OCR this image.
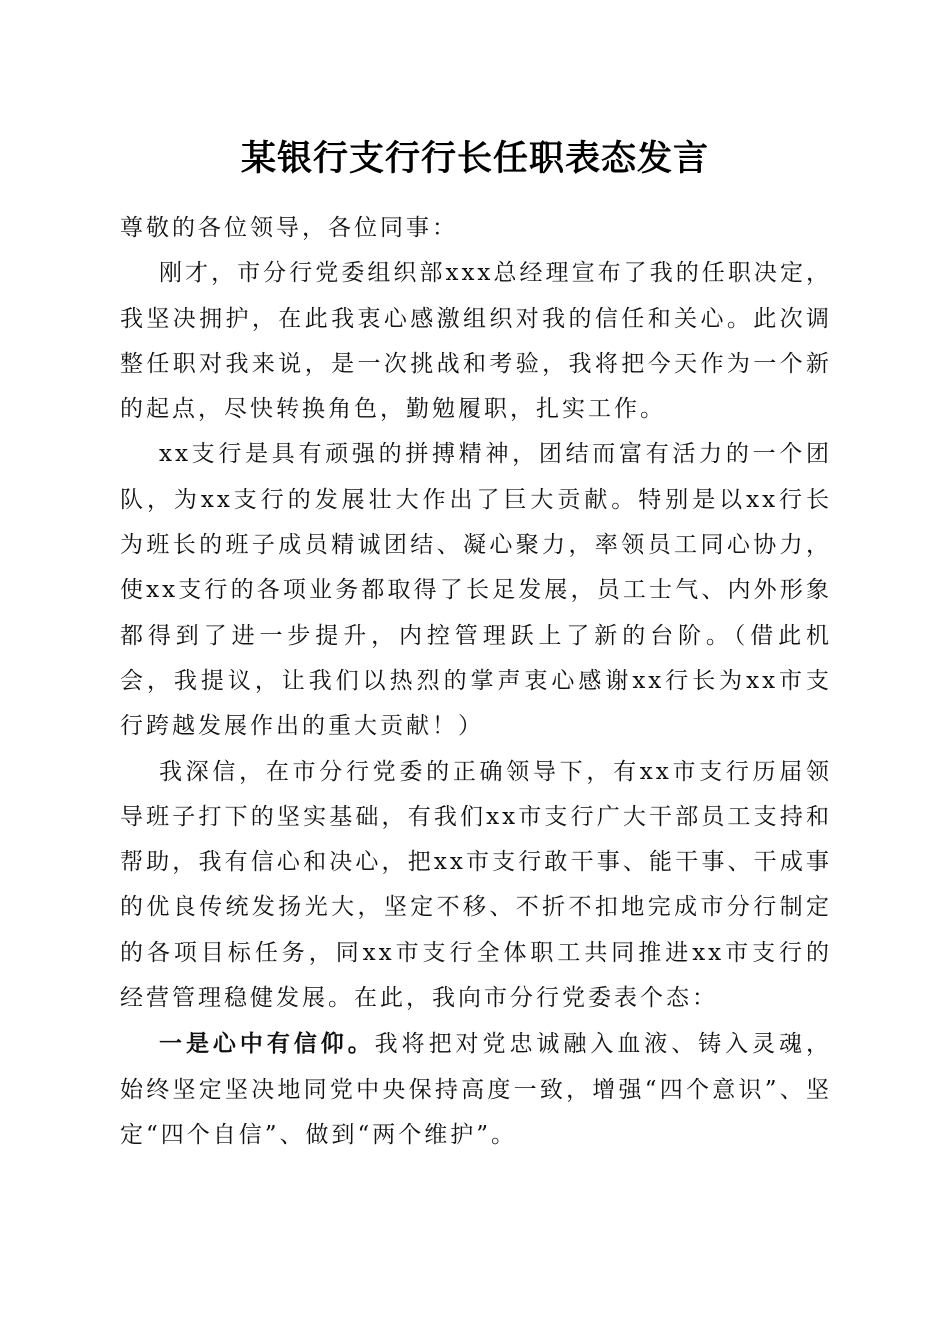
某银行支行行长任职表态发言

尊敬的各位领导，各位同事：

刚才，市分行党委组织部xxx总经理宣布了我的任职决定，我坚决拥护，在此我衷心感激组织对我的信任和关心。此次调整任职对我来说，是一次挑战和考验，我将把今天作为一个新的起点，尽快转换角色，勤勉履职，扎实工作。

xx支行是具有顽强的拼搏精神，团结而富有活力的一个团队，为xx支行的发展壮大作出了巨大贡献。特别是以xx行长为班长的班子成员精诚团结、凝心聚力，率领员工同心协力，使xx支行的各项业务都取得了长足发展，员工士气、内外形象都得到了进一步提升，内控管理跃上了新的台阶。（借此机会，我提议，让我们以热烈的掌声衷心感谢xx行长为xx市支行跨越发展作出的重大贡献！）

我深信，在市分行党委的正确领导下，有xx市支行历届领导班子打下的坚实基础，有我们xx市支行广大干部员工支持和帮助，我有信心和决心，把xx市支行敢干事、能干事、干成事的优良传统发扬光大，坚定不移、不折不扣地完成市分行制定的各项目标任务，同xx市支行全体职工共同推进xx市支行的经营管理稳健发展。在此，我向市分行党委表个态：

一是心中有信仰。我将把对党忠诚融入血液、铸入灵魂，始终坚定坚决地同党中央保持高度一致，增强“四个意识”、坚定“四个自信”、做到“两个维护”。
